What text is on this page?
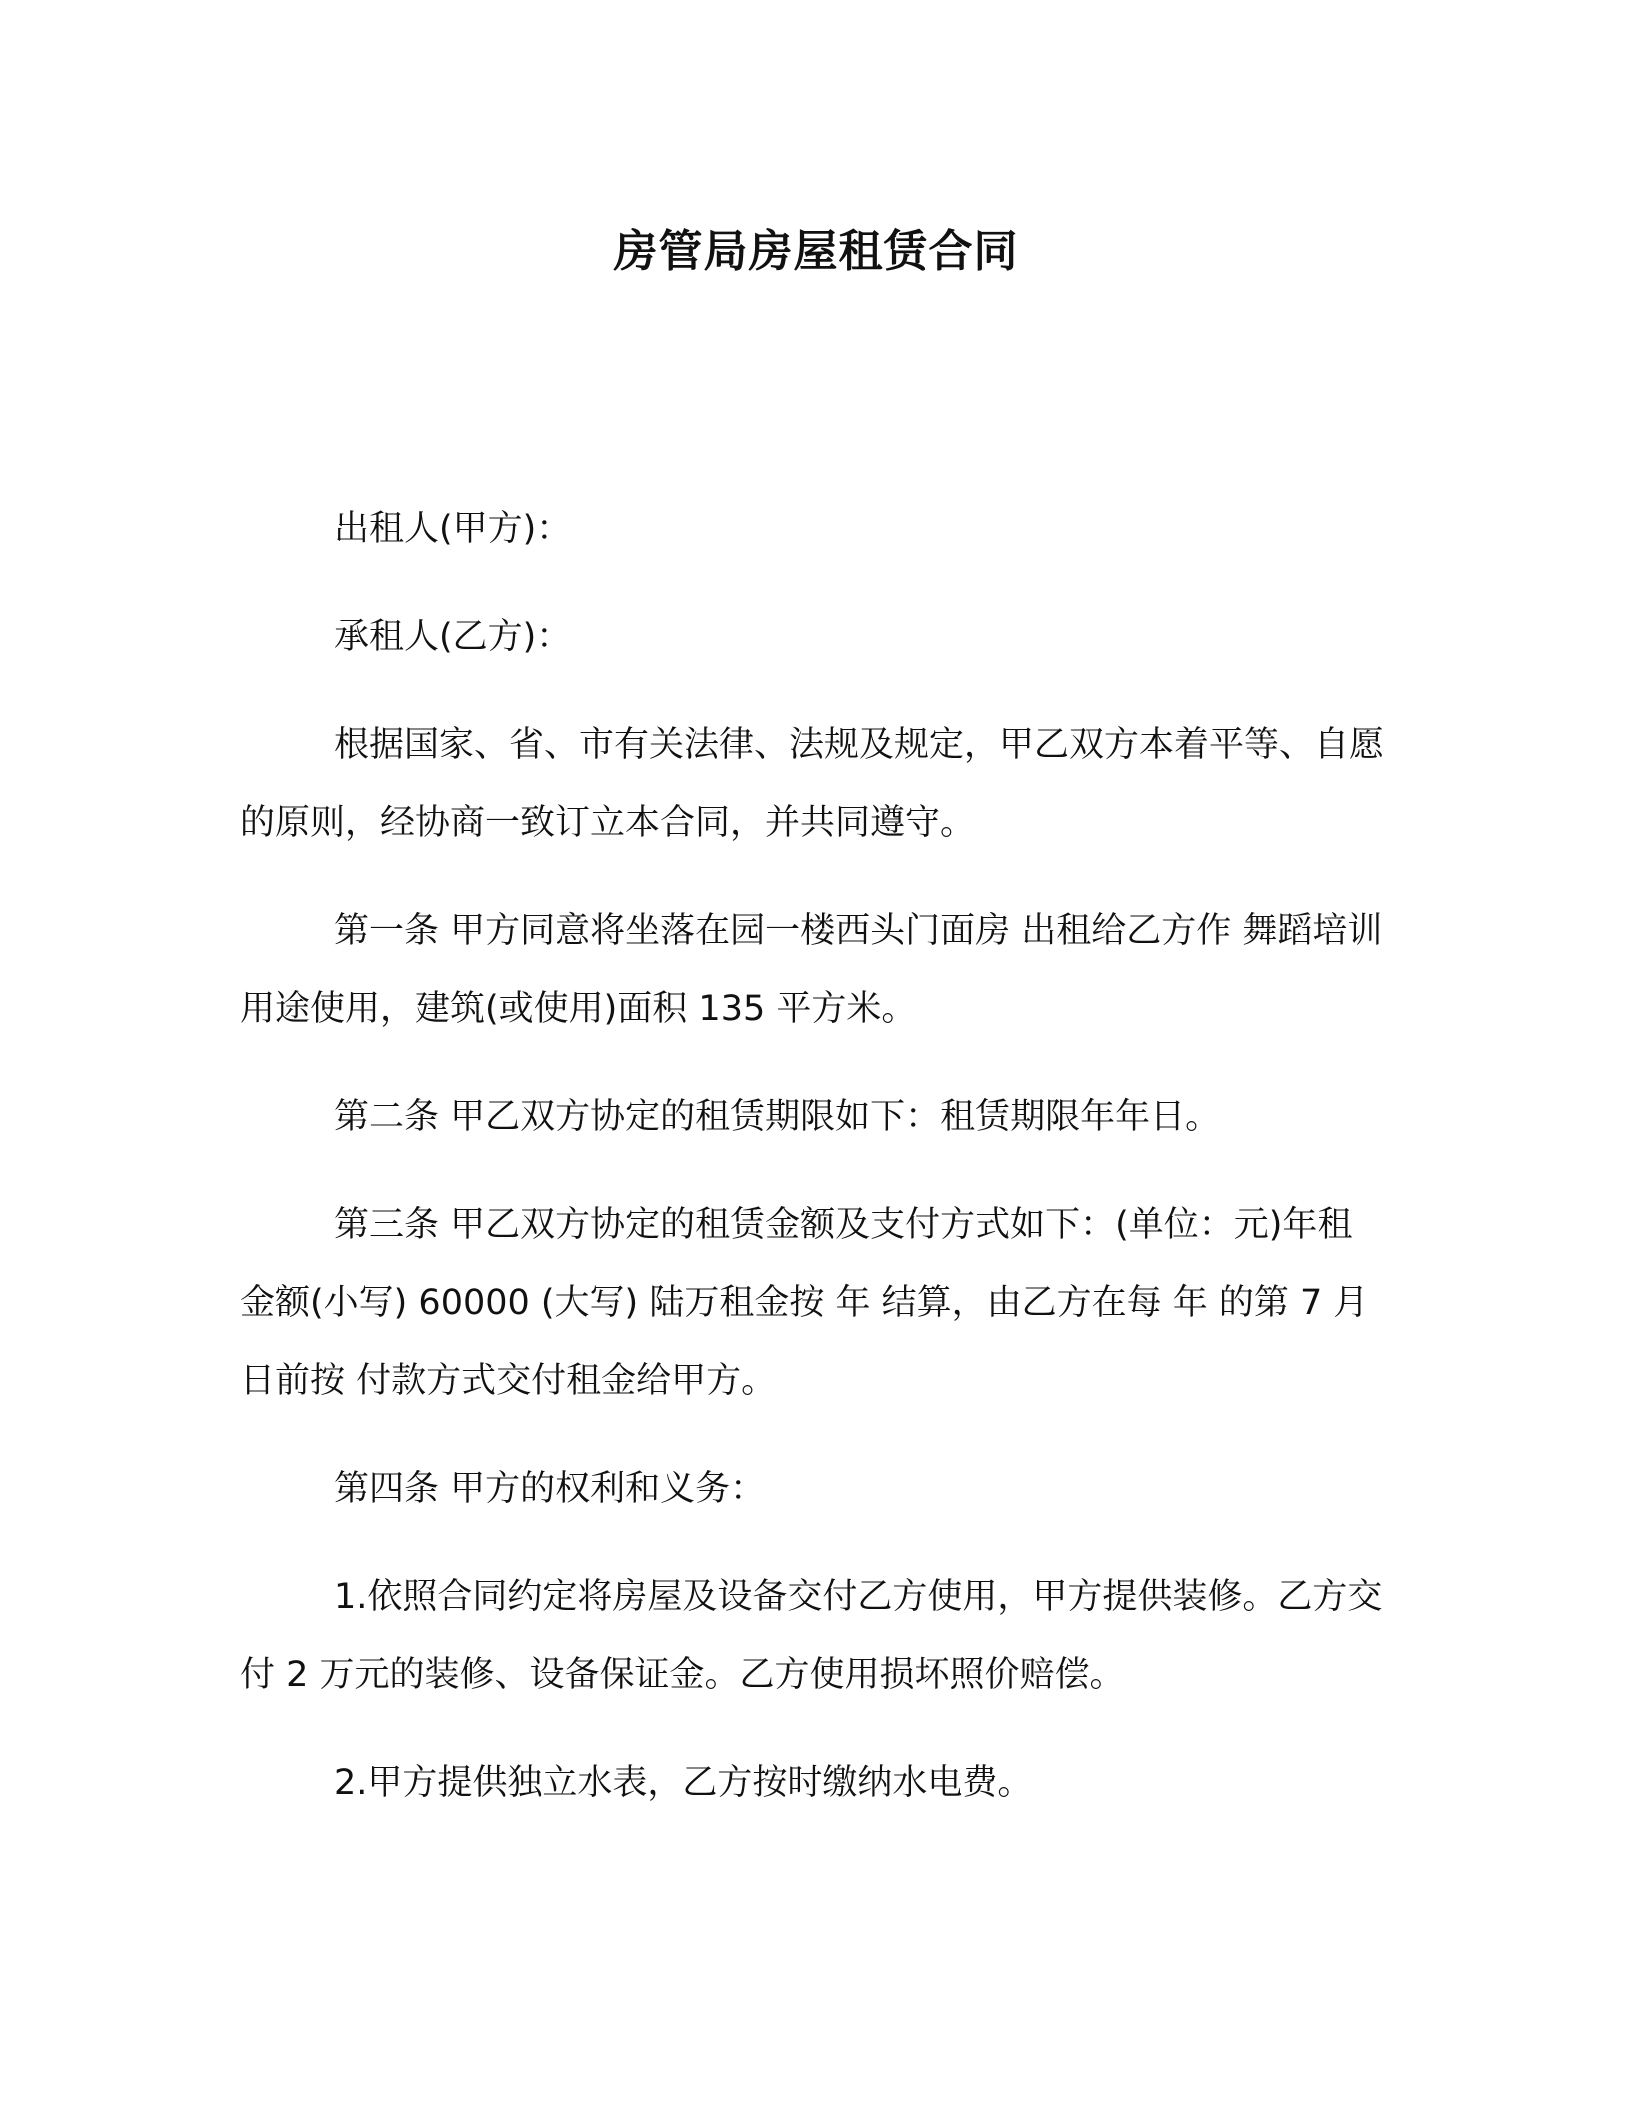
房管局房屋租赁合同

出租人(甲方)：

承租人(乙方)：

根据国家、省、市有关法律、法规及规定，甲乙双方本着平等、自愿的原则，经协商一致订立本合同，并共同遵守。

第一条 甲方同意将坐落在园一楼西头门面房 出租给乙方作 舞蹈培训 用途使用，建筑(或使用)面积 135 平方米。

第二条 甲乙双方协定的租赁期限如下：租赁期限年年日。

第三条 甲乙双方协定的租赁金额及支付方式如下：(单位：元)年租金额(小写) 60000 (大写) 陆万租金按 年 结算，由乙方在每 年 的第 7 月 日前按 付款方式交付租金给甲方。

第四条 甲方的权利和义务：

1.依照合同约定将房屋及设备交付乙方使用，甲方提供装修。乙方交付 2 万元的装修、设备保证金。乙方使用损坏照价赔偿。

2.甲方提供独立水表，乙方按时缴纳水电费。
